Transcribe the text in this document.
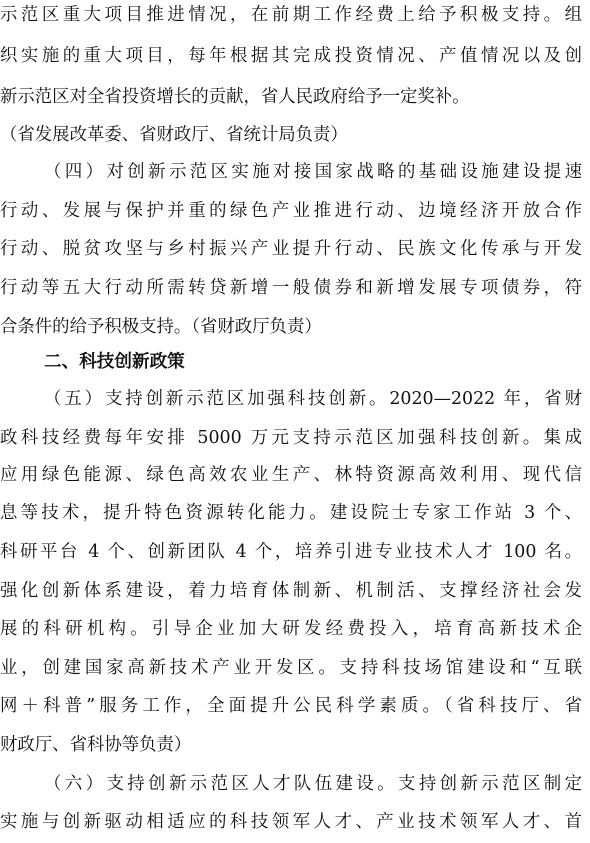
示范区重大项目推进情况，在前期工作经费上给予积极支持。组
织实施的重大项目，每年根据其完成投资情况、产值情况以及创
新示范区对全省投资增长的贡献，省人民政府给予一定奖补。
（省发展改革委、省财政厅、省统计局负责）
（四）对创新示范区实施对接国家战略的基础设施建设提速
行动、发展与保护并重的绿色产业推进行动、边境经济开放合作
行动、脱贫攻坚与乡村振兴产业提升行动、民族文化传承与开发
行动等五大行动所需转贷新增一般债券和新增发展专项债券，符
合条件的给予积极支持。（省财政厅负责）
二、科技创新政策
（五）支持创新示范区加强科技创新。2020—2022 年，省财
政科技经费每年安排 5000 万元支持示范区加强科技创新。集成
应用绿色能源、绿色高效农业生产、林特资源高效利用、现代信
息等技术，提升特色资源转化能力。建设院士专家工作站 3 个、
科研平台 4 个、创新团队 4 个，培养引进专业技术人才 100 名。
强化创新体系建设，着力培育体制新、机制活、支撑经济社会发
展的科研机构。引导企业加大研发经费投入，培育高新技术企
业，创建国家高新技术产业开发区。支持科技场馆建设和“互联
网＋科普”服务工作，全面提升公民科学素质。（省科技厅、省
财政厅、省科协等负责）
（六）支持创新示范区人才队伍建设。支持创新示范区制定
实施与创新驱动相适应的科技领军人才、产业技术领军人才、首
